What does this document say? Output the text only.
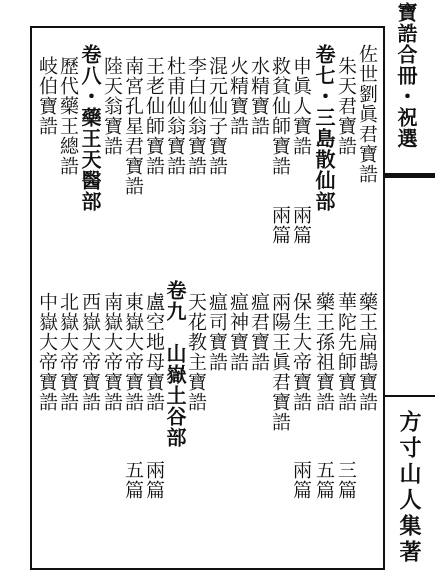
寶誥合冊・祝選
方寸山人集著
佐世劉眞君寶誥
朱天君寶誥
卷七・三島散仙部
申眞人寶誥
救貧仙師寶誥
水精寶誥
火精寶誥
混元仙子寶誥
李白仙翁寶誥
杜甫仙翁寶誥
王老仙師寶誥
南宮孔星君寶誥
陸天翁寶誥
卷八・藥王天醫部
歷代藥王總誥
岐伯寶誥
兩篇
兩篇
藥王扁鵲寶誥
華陀先師寶誥
藥王孫祖寶誥
保生大帝寶誥
兩陽王眞君寶誥
瘟君寶誥
瘟神寶誥
瘟司寶誥
天花教主寶誥
卷九　山嶽土谷部
盧空地母寶誥
東嶽大帝寶誥
南嶽大帝寶誥
西嶽大帝寶誥
北嶽大帝寶誥
中嶽大帝寶誥
三篇
五篇
兩篇
兩篇
五篇
